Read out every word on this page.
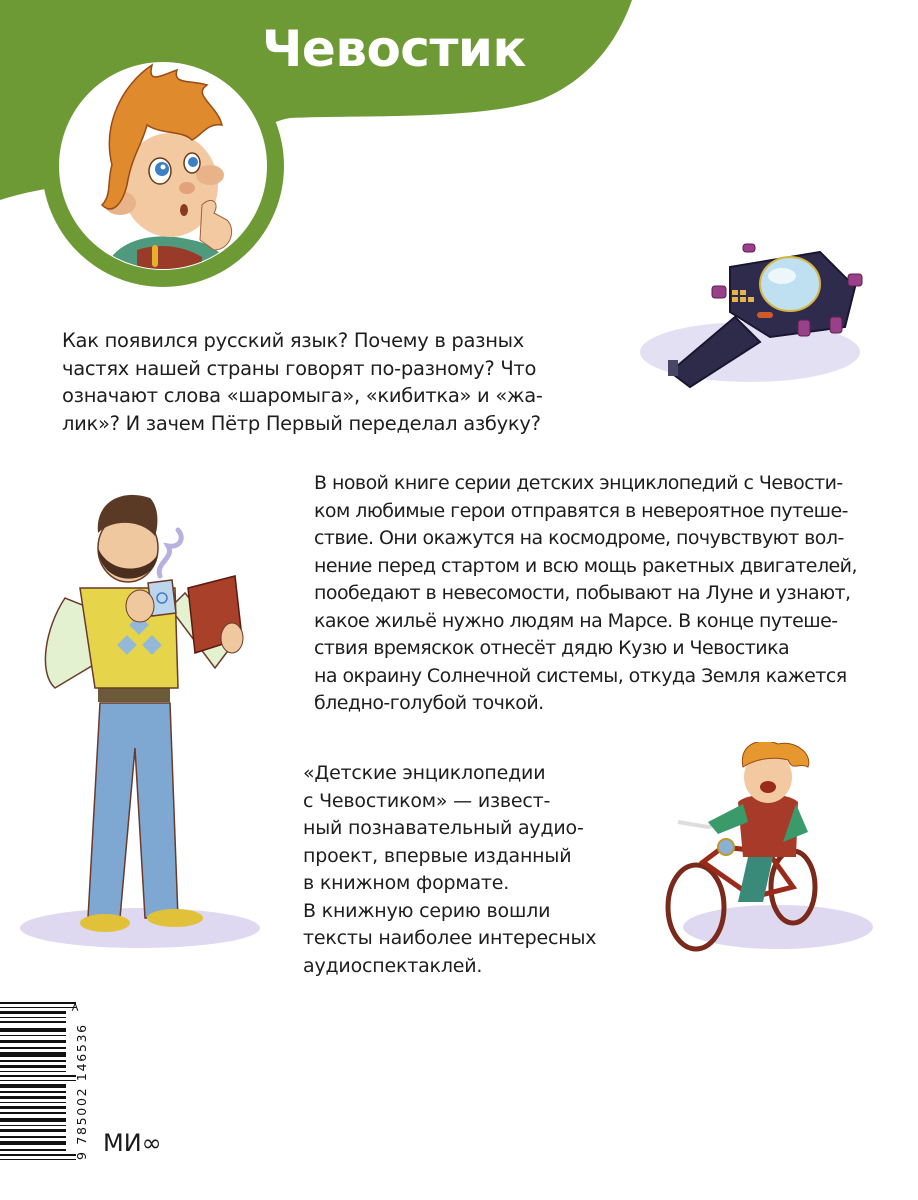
Чевостик
Как появился русский язык? Почему в разных
частях нашей страны говорят по-разному? Что
означают слова «шаромыга», «кибитка» и «жа-
лик»? И зачем Пётр Первый переделал азбуку?
В новой книге серии детских энциклопедий с Чевости-
ком любимые герои отправятся в невероятное путеше-
ствие. Они окажутся на космодроме, почувствуют вол-
нение перед стартом и всю мощь ракетных двигателей,
пообедают в невесомости, побывают на Луне и узнают,
какое жильё нужно людям на Марсе. В конце путеше-
ствия времяскок отнесёт дядю Кузю и Чевостика
на окраину Солнечной системы, откуда Земля кажется
бледно-голубой точкой.
«Детские энциклопедии
с Чевостиком» — извест-
ный познавательный аудио-
проект, впервые изданный
в книжном формате.
В книжную серию вошли
тексты наиболее интересных
аудиоспектаклей.
9 785002 146536
>
МИ∞
